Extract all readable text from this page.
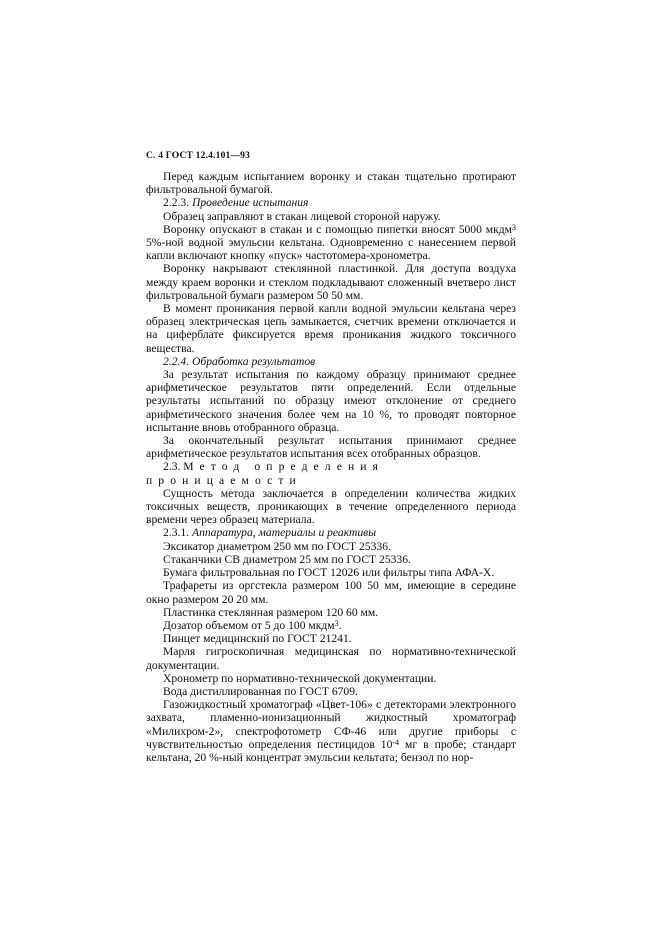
С. 4 ГОСТ 12.4.101—93

Перед каждым испытанием воронку и стакан тщательно протирают фильтровальной бумагой.

2.2.3. Проведение испытания

Образец заправляют в стакан лицевой стороной наружу.

Воронку опускают в стакан и с помощью пипетки вносят 5000 мкдм$^3$ 5%-ной водной эмульсии кельтана. Одновременно с нанесением первой капли включают кнопку «пуск» частотомера-хронометра.

Воронку накрывают стеклянной пластинкой. Для доступа воздуха между краем воронки и стеклом подкладывают сложенный вчетверо лист фильтровальной бумаги размером 50 50 мм.

В момент проникания первой капли водной эмульсии кельтана через образец электрическая цепь замыкается, счетчик времени отключается и на циферблате фиксируется время проникания жидкого токсичного вещества.

2.2.4. Обработка результатов

За результат испытания по каждому образцу принимают среднее арифметическое результатов пяти определений. Если отдельные результаты испытаний по образцу имеют отклонение от среднего арифметического значения более чем на 10 %, то проводят повторное испытание вновь отобранного образца.

За окончательный результат испытания принимают среднее арифметическое результатов испытания всех отобранных образцов.

2.3. Метод определения проницаемости

Сущность метода заключается в определении количества жидких токсичных веществ, проникающих в течение определенного периода времени через образец материала.

2.3.1. Аппаратура, материалы и реактивы

Эксикатор диаметром 250 мм по ГОСТ 25336.

Стаканчики СВ диаметром 25 мм по ГОСТ 25336.

Бумага фильтровальная по ГОСТ 12026 или фильтры типа АФА-Х.

Трафареты из оргстекла размером 100 50 мм, имеющие в середине окно размером 20 20 мм.

Пластинка стеклянная размером 120 60 мм.

Дозатор объемом от 5 до 100 мкдм$^3$.

Пинцет медицинский по ГОСТ 21241.

Марля гигроскопичная медицинская по нормативно-технической документации.

Хронометр по нормативно-технической документации.

Вода дистиллированная по ГОСТ 6709.

Газожидкостный хроматограф «Цвет-106» с детекторами электронного захвата, пламенно-ионизационный жидкостный хроматограф «Милихром-2», спектрофотометр СФ-46 или другие приборы с чувствительностью определения пестицидов $10^{-4}$ мг в пробе; стандарт кельтана, 20 %-ный концентрат эмульсии кельтата; бензол по нор-
